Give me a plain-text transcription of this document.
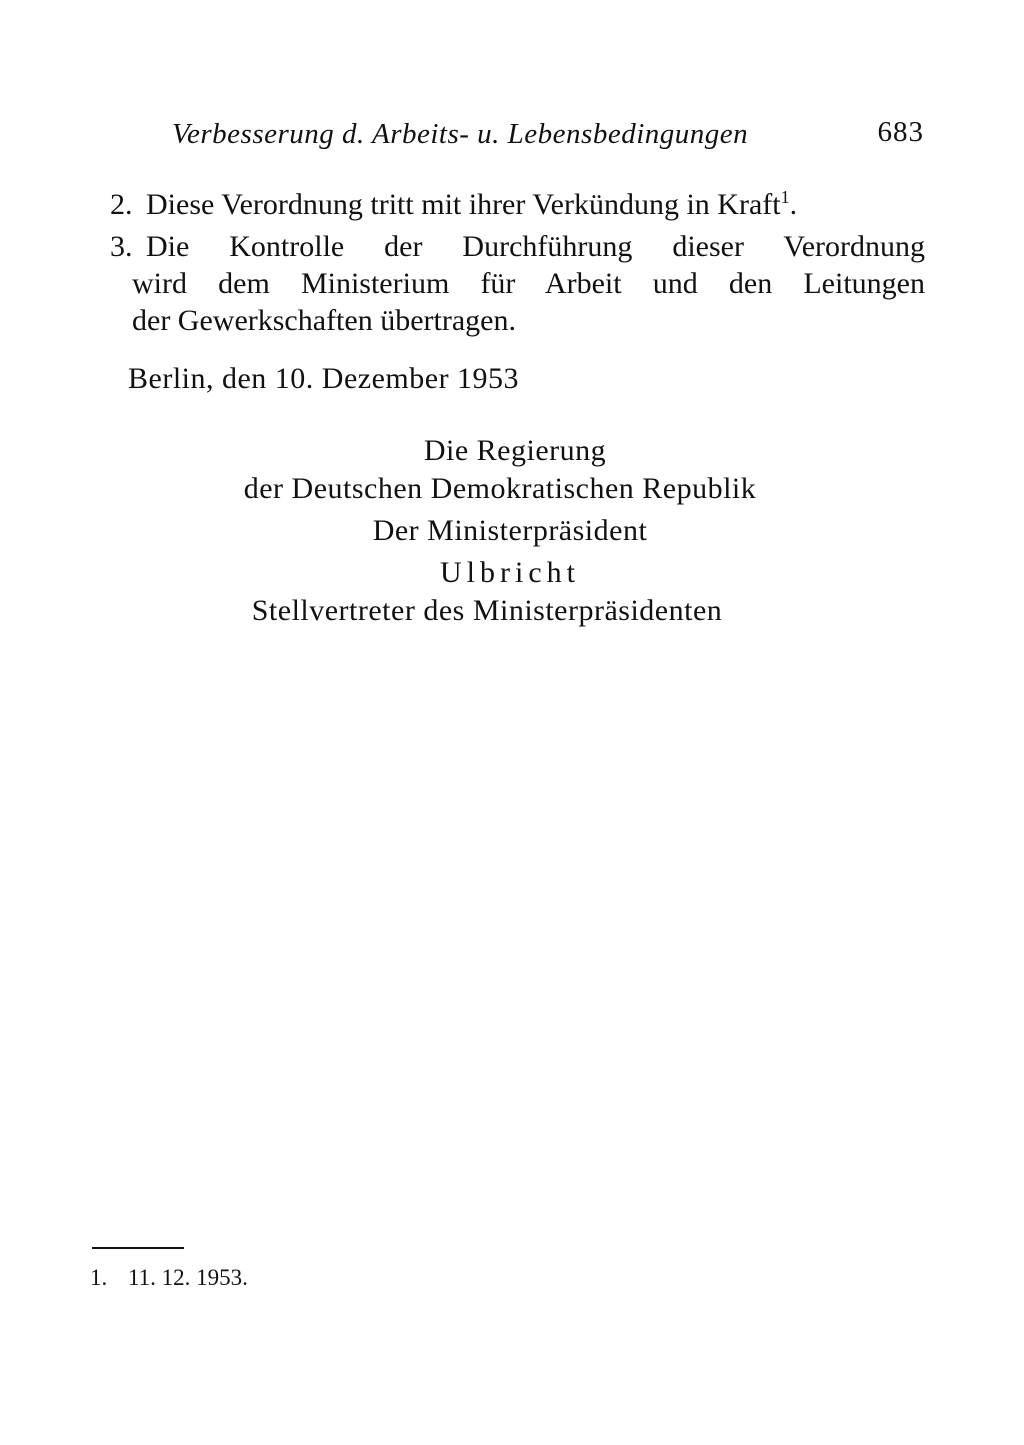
Verbesserung d. Arbeits- u. Lebensbedingungen	683
2. Diese Verordnung tritt mit ihrer Verkündung in Kraft$^1$.
3. Die Kontrolle der Durchführung dieser Verordnung
wird dem Ministerium für Arbeit und den Leitungen
der Gewerkschaften übertragen.
Berlin, den 10. Dezember 1953
Die Regierung
der Deutschen Demokratischen Republik
Der Ministerpräsident
Ulbricht
Stellvertreter des Ministerpräsidenten
1. 11. 12. 1953.
